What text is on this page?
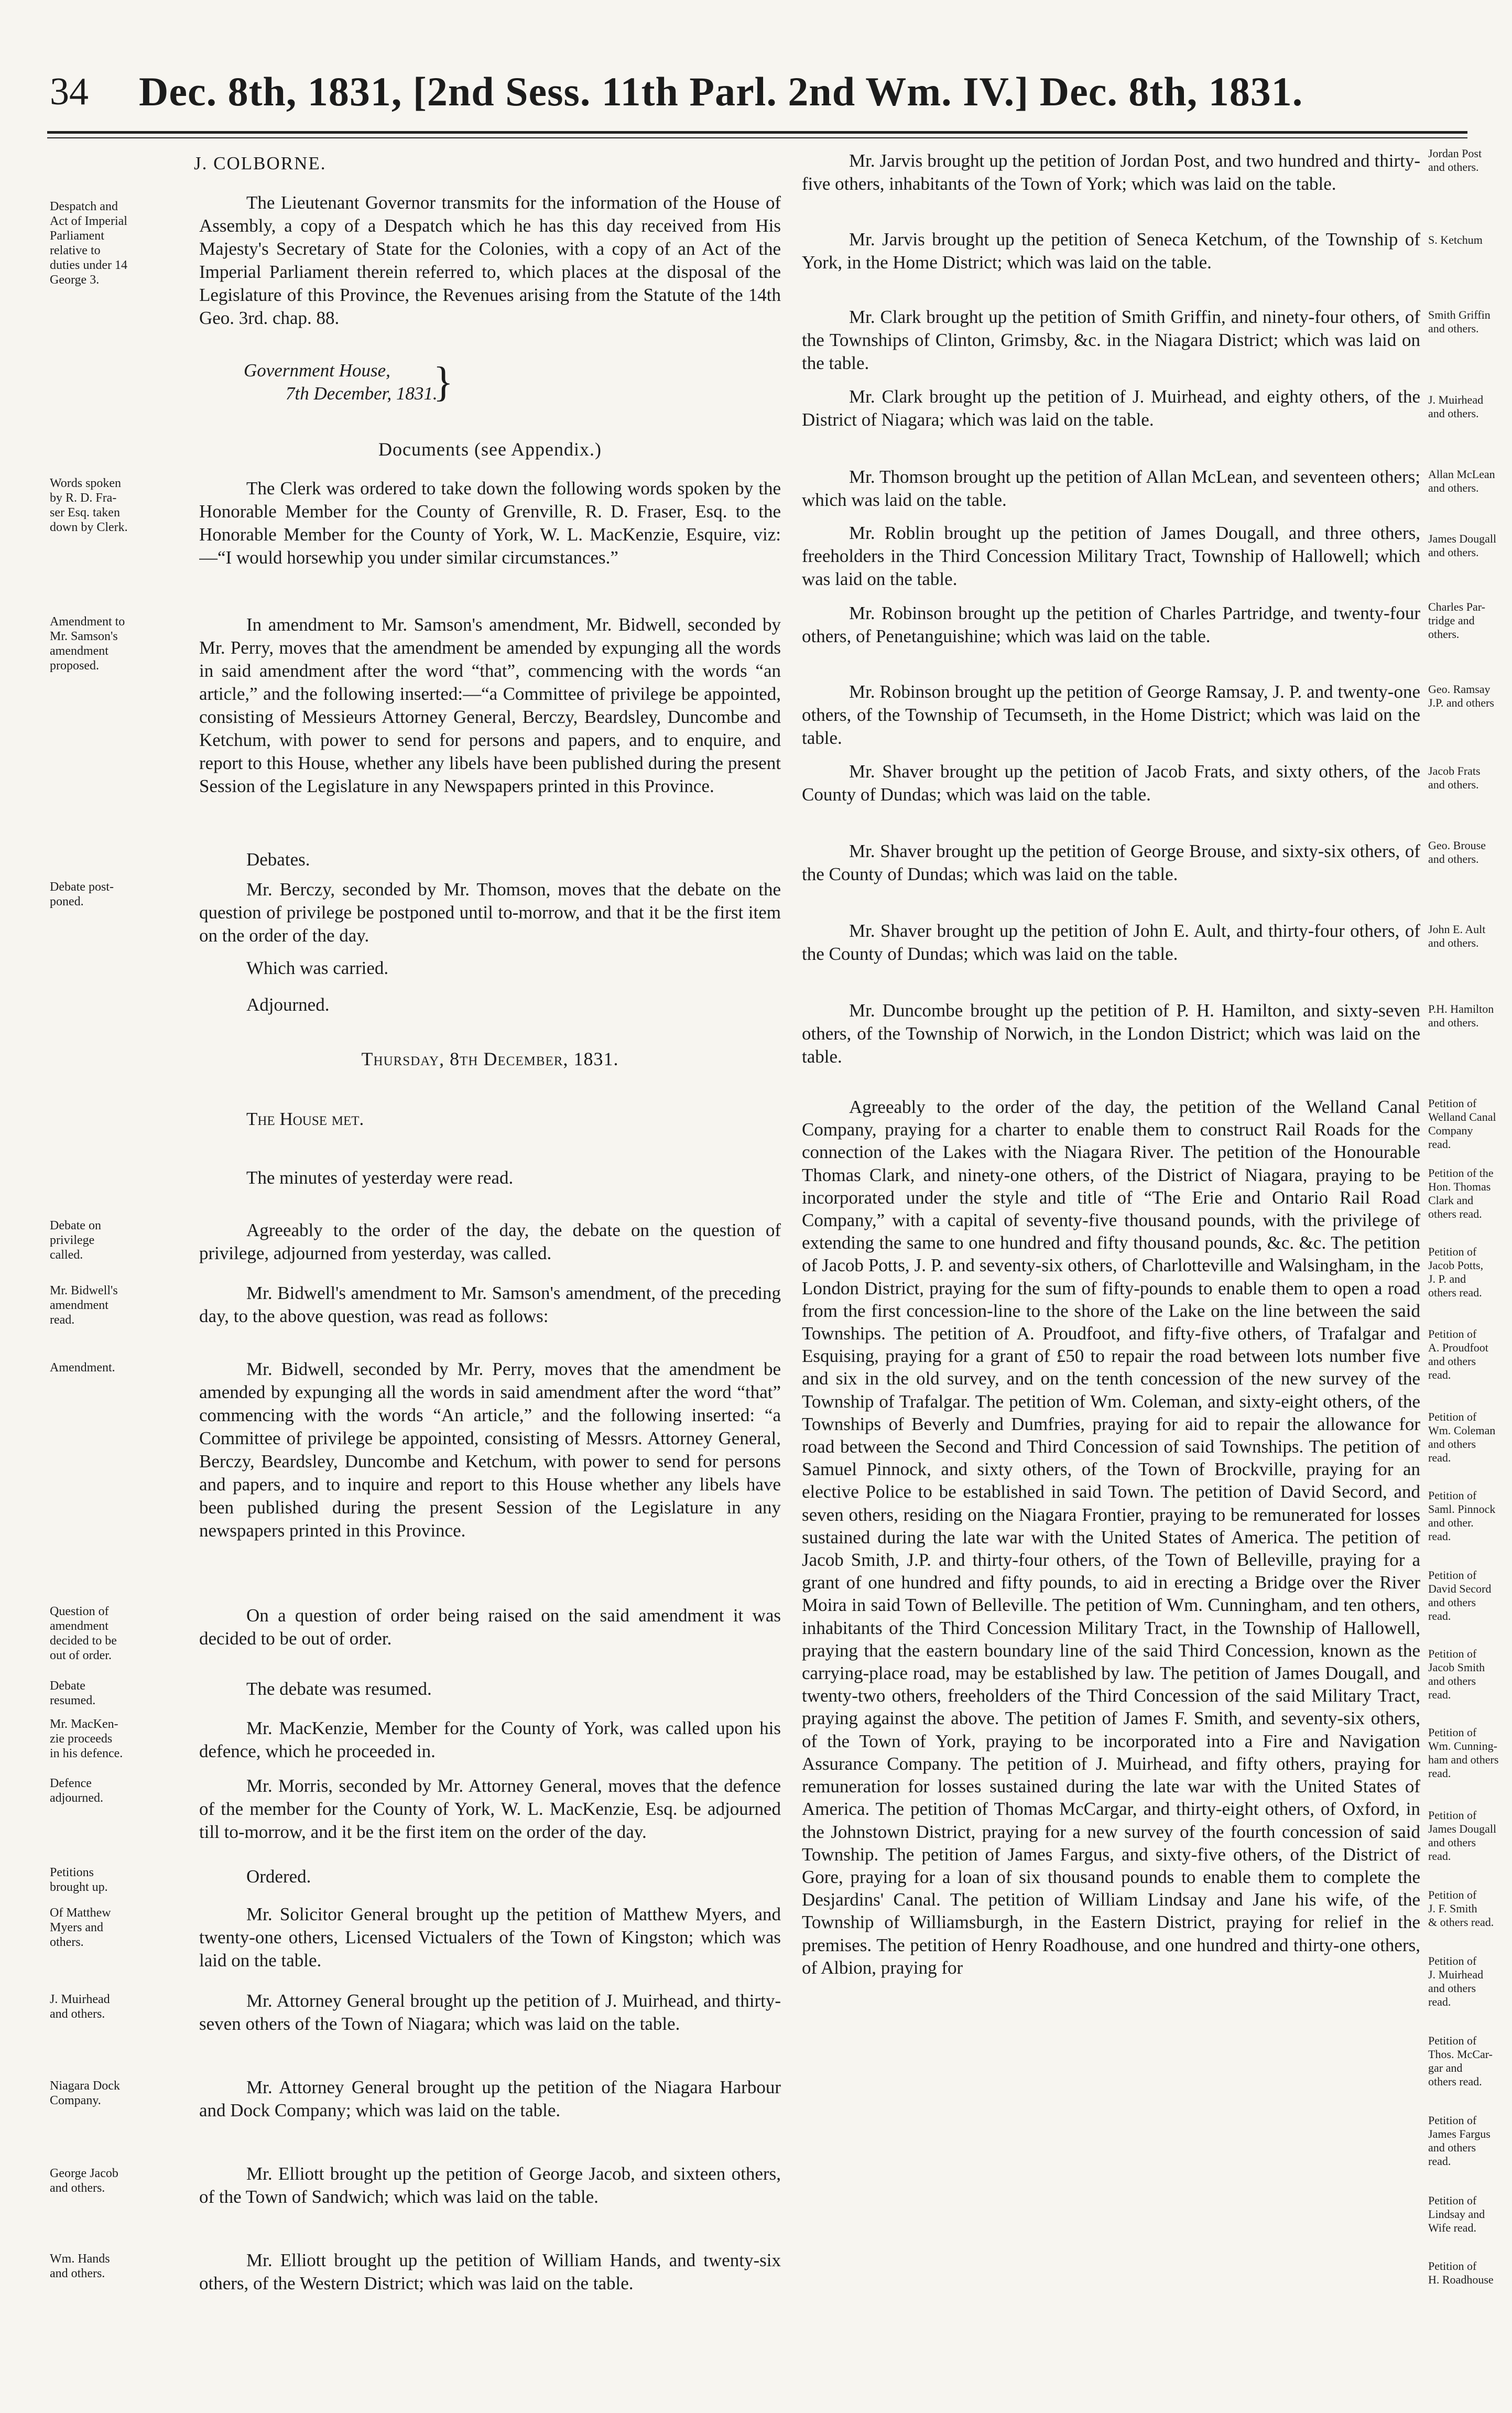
34	Dec. 8th, 1831, [2nd Sess. 11th Parl. 2nd Wm. IV.] Dec. 8th, 1831.

Despatch and
Act of Imperial
Parliament
relative to
duties under 14
George 3.

Words spoken
by R. D. Fra-
ser Esq. taken
down by Clerk.

Amendment to
Mr. Samson's
amendment
proposed.

Debate post-
poned.

Debate on
privilege
called.

Mr. Bidwell's
amendment
read.

Amendment.

Question of
amendment
decided to be
out of order.

Debate
resumed.

Mr. MacKen-
zie proceeds
in his defence.

Defence
adjourned.

Petitions
brought up.

Of Matthew
Myers and
others.

J. Muirhead
and others.

Niagara Dock
Company.

George Jacob
and others.

Wm. Hands
and others.

J. COLBORNE.

The Lieutenant Governor transmits for the information of the House of Assembly, a copy of a Despatch which he has this day received from His Majesty's Secretary of State for the Colonies, with a copy of an Act of the Imperial Parliament therein referred to, which places at the disposal of the Legislature of this Province, the Revenues arising from the Statute of the 14th Geo. 3rd. chap. 88.

Government House,
7th December, 1831.
}

Documents (see Appendix.)

The Clerk was ordered to take down the following words spoken by the Honorable Member for the County of Grenville, R. D. Fraser, Esq. to the Honorable Member for the County of York, W. L. MacKenzie, Esquire, viz:—“I would horsewhip you under similar circumstances.”

In amendment to Mr. Samson's amendment, Mr. Bidwell, seconded by Mr. Perry, moves that the amendment be amended by expunging all the words in said amendment after the word “that”, commencing with the words “an article,” and the following inserted:—“a Committee of privilege be appointed, consisting of Messieurs Attorney General, Berczy, Beardsley, Duncombe and Ketchum, with power to send for persons and papers, and to enquire, and report to this House, whether any libels have been published during the present Session of the Legislature in any Newspapers printed in this Province.

Debates.

Mr. Berczy, seconded by Mr. Thomson, moves that the debate on the question of privilege be postponed until to-morrow, and that it be the first item on the order of the day.

Which was carried.

Adjourned.

Thursday, 8th December, 1831.

The House met.

The minutes of yesterday were read.

Agreeably to the order of the day, the debate on the question of privilege, adjourned from yesterday, was called.

Mr. Bidwell's amendment to Mr. Samson's amendment, of the preceding day, to the above question, was read as follows:

Mr. Bidwell, seconded by Mr. Perry, moves that the amendment be amended by expunging all the words in said amendment after the word “that” commencing with the words “An article,” and the following inserted: “a Committee of privilege be appointed, consisting of Messrs. Attorney General, Berczy, Beardsley, Duncombe and Ketchum, with power to send for persons and papers, and to inquire and report to this House whether any libels have been published during the present Session of the Legislature in any newspapers printed in this Province.

On a question of order being raised on the said amendment it was decided to be out of order.

The debate was resumed.

Mr. MacKenzie, Member for the County of York, was called upon his defence, which he proceeded in.

Mr. Morris, seconded by Mr. Attorney General, moves that the defence of the member for the County of York, W. L. MacKenzie, Esq. be adjourned till to-morrow, and it be the first item on the order of the day.

Ordered.

Mr. Solicitor General brought up the petition of Matthew Myers, and twenty-one others, Licensed Victualers of the Town of Kingston; which was laid on the table.

Mr. Attorney General brought up the petition of J. Muirhead, and thirty-seven others of the Town of Niagara; which was laid on the table.

Mr. Attorney General brought up the petition of the Niagara Harbour and Dock Company; which was laid on the table.

Mr. Elliott brought up the petition of George Jacob, and sixteen others, of the Town of Sandwich; which was laid on the table.

Mr. Elliott brought up the petition of William Hands, and twenty-six others, of the Western District; which was laid on the table.

Mr. Jarvis brought up the petition of Jordan Post, and two hundred and thirty-five others, inhabitants of the Town of York; which was laid on the table.

Mr. Jarvis brought up the petition of Seneca Ketchum, of the Township of York, in the Home District; which was laid on the table.

Mr. Clark brought up the petition of Smith Griffin, and ninety-four others, of the Townships of Clinton, Grimsby, &c. in the Niagara District; which was laid on the table.

Mr. Clark brought up the petition of J. Muirhead, and eighty others, of the District of Niagara; which was laid on the table.

Mr. Thomson brought up the petition of Allan McLean, and seventeen others; which was laid on the table.

Mr. Roblin brought up the petition of James Dougall, and three others, freeholders in the Third Concession Military Tract, Township of Hallowell; which was laid on the table.

Mr. Robinson brought up the petition of Charles Partridge, and twenty-four others, of Penetanguishine; which was laid on the table.

Mr. Robinson brought up the petition of George Ramsay, J. P. and twenty-one others, of the Township of Tecumseth, in the Home District; which was laid on the table.

Mr. Shaver brought up the petition of Jacob Frats, and sixty others, of the County of Dundas; which was laid on the table.

Mr. Shaver brought up the petition of George Brouse, and sixty-six others, of the County of Dundas; which was laid on the table.

Mr. Shaver brought up the petition of John E. Ault, and thirty-four others, of the County of Dundas; which was laid on the table.

Mr. Duncombe brought up the petition of P. H. Hamilton, and sixty-seven others, of the Township of Norwich, in the London District; which was laid on the table.

Agreeably to the order of the day, the petition of the Welland Canal Company, praying for a charter to enable them to construct Rail Roads for the connection of the Lakes with the Niagara River. The petition of the Honourable Thomas Clark, and ninety-one others, of the District of Niagara, praying to be incorporated under the style and title of “The Erie and Ontario Rail Road Company,” with a capital of seventy-five thousand pounds, with the privilege of extending the same to one hundred and fifty thousand pounds, &c. &c. The petition of Jacob Potts, J. P. and seventy-six others, of Charlotteville and Walsingham, in the London District, praying for the sum of fifty-pounds to enable them to open a road from the first concession-line to the shore of the Lake on the line between the said Townships. The petition of A. Proudfoot, and fifty-five others, of Trafalgar and Esquising, praying for a grant of £50 to repair the road between lots number five and six in the old survey, and on the tenth concession of the new survey of the Township of Trafalgar. The petition of Wm. Coleman, and sixty-eight others, of the Townships of Beverly and Dumfries, praying for aid to repair the allowance for road between the Second and Third Concession of said Townships. The petition of Samuel Pinnock, and sixty others, of the Town of Brockville, praying for an elective Police to be established in said Town. The petition of David Secord, and seven others, residing on the Niagara Frontier, praying to be remunerated for losses sustained during the late war with the United States of America. The petition of Jacob Smith, J.P. and thirty-four others, of the Town of Belleville, praying for a grant of one hundred and fifty pounds, to aid in erecting a Bridge over the River Moira in said Town of Belleville. The petition of Wm. Cunningham, and ten others, inhabitants of the Third Concession Military Tract, in the Township of Hallowell, praying that the eastern boundary line of the said Third Concession, known as the carrying-place road, may be established by law. The petition of James Dougall, and twenty-two others, freeholders of the Third Concession of the said Military Tract, praying against the above. The petition of James F. Smith, and seventy-six others, of the Town of York, praying to be incorporated into a Fire and Navigation Assurance Company. The petition of J. Muirhead, and fifty others, praying for remuneration for losses sustained during the late war with the United States of America. The petition of Thomas McCargar, and thirty-eight others, of Oxford, in the Johnstown District, praying for a new survey of the fourth concession of said Township. The petition of James Fargus, and sixty-five others, of the District of Gore, praying for a loan of six thousand pounds to enable them to complete the Desjardins' Canal. The petition of William Lindsay and Jane his wife, of the Township of Williamsburgh, in the Eastern District, praying for relief in the premises. The petition of Henry Roadhouse, and one hundred and thirty-one others, of Albion, praying for

Jordan Post
and others.

S. Ketchum

Smith Griffin
and others.

J. Muirhead
and others.

Allan McLean
and others.

James Dougall
and others.

Charles Par-
tridge and
others.

Geo. Ramsay
J.P. and others

Jacob Frats
and others.

Geo. Brouse
and others.

John E. Ault
and others.

P.H. Hamilton
and others.

Petition of
Welland Canal
Company
read.

Petition of the
Hon. Thomas
Clark and
others read.

Petition of
Jacob Potts,
J. P. and
others read.

Petition of
A. Proudfoot
and others
read.

Petition of
Wm. Coleman
and others
read.

Petition of
Saml. Pinnock
and other.
read.

Petition of
David Secord
and others
read.

Petition of
Jacob Smith
and others
read.

Petition of
Wm. Cunning-
ham and others
read.

Petition of
James Dougall
and others
read.

Petition of
J. F. Smith
& others read.

Petition of
J. Muirhead
and others
read.

Petition of
Thos. McCar-
gar and
others read.

Petition of
James Fargus
and others
read.

Petition of
Lindsay and
Wife read.

Petition of
H. Roadhouse
